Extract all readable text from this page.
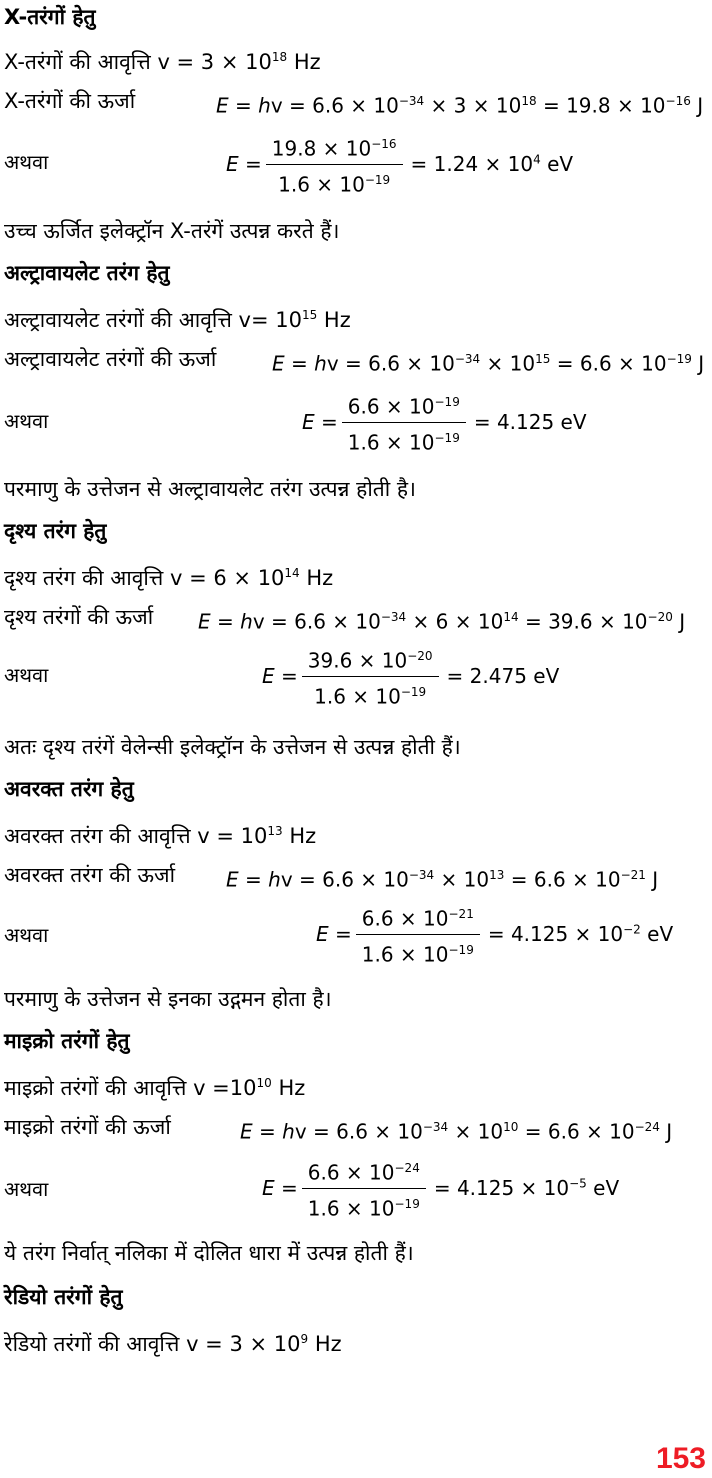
X-तरंगों हेतु
X-तरंगों की आवृत्ति $v = 3 \times 10^{18}$ Hz
X-तरंगों की ऊर्जा	E = hv = $6.6 \times 10^{-34} \times 3 \times 10^{18} = 19.8 \times 10^{-16}$ J
अथवा	$E = \frac{19.8 \times 10^{-16}}{1.6 \times 10^{-19}} = 1.24 \times 10^4$ eV
उच्च ऊर्जित इलेक्ट्रॉन X-तरंगें उत्पन्न करते हैं।
अल्ट्रावायलेट तरंग हेतु
अल्ट्रावायलेट तरंगों की आवृत्ति $v= 10^{15}$ Hz
अल्ट्रावायलेट तरंगों की ऊर्जा	E = hv = $6.6 \times 10^{-34} \times 10^{15} = 6.6 \times 10^{-19}$ J
अथवा	$E = \frac{6.6 \times 10^{-19}}{1.6 \times 10^{-19}} = 4.125$ eV
परमाणु के उत्तेजन से अल्ट्रावायलेट तरंग उत्पन्न होती है।
दृश्य तरंग हेतु
दृश्य तरंग की आवृत्ति $v = 6 \times 10^{14}$ Hz
दृश्य तरंगों की ऊर्जा E = hv = $6.6 \times 10^{-34} \times 6 \times 10^{14} = 39.6 \times 10^{-20}$ J
अथवा	$E = \frac{39.6 \times 10^{-20}}{1.6 \times 10^{-19}} = 2.475$ eV
अतः दृश्य तरंगें वेलेन्सी इलेक्ट्रॉन के उत्तेजन से उत्पन्न होती हैं।
अवरक्त तरंग हेतु
अवरक्त तरंग की आवृत्ति $v = 10^{13}$ Hz
अवरक्त तरंग की ऊर्जा	E = hv = $6.6 \times 10^{-34} \times 10^{13} = 6.6 \times 10^{-21}$ J
अथवा	$E = \frac{6.6 \times 10^{-21}}{1.6 \times 10^{-19}} = 4.125 \times 10^{-2}$ eV
परमाणु के उत्तेजन से इनका उद्गमन होता है।
माइक्रो तरंगों हेतु
माइक्रो तरंगों की आवृत्ति $v =10^{10}$ Hz
माइक्रो तरंगों की ऊर्जा	E = hv = $6.6 \times 10^{-34} \times 10^{10} = 6.6 \times 10^{-24}$ J
अथवा	$E = \frac{6.6 \times 10^{-24}}{1.6 \times 10^{-19}} = 4.125 \times 10^{-5}$ eV
ये तरंग निर्वात् नलिका में दोलित धारा में उत्पन्न होती हैं।
रेडियो तरंगों हेतु
रेडियो तरंगों की आवृत्ति $v = 3 \times 10^9$ Hz
153
